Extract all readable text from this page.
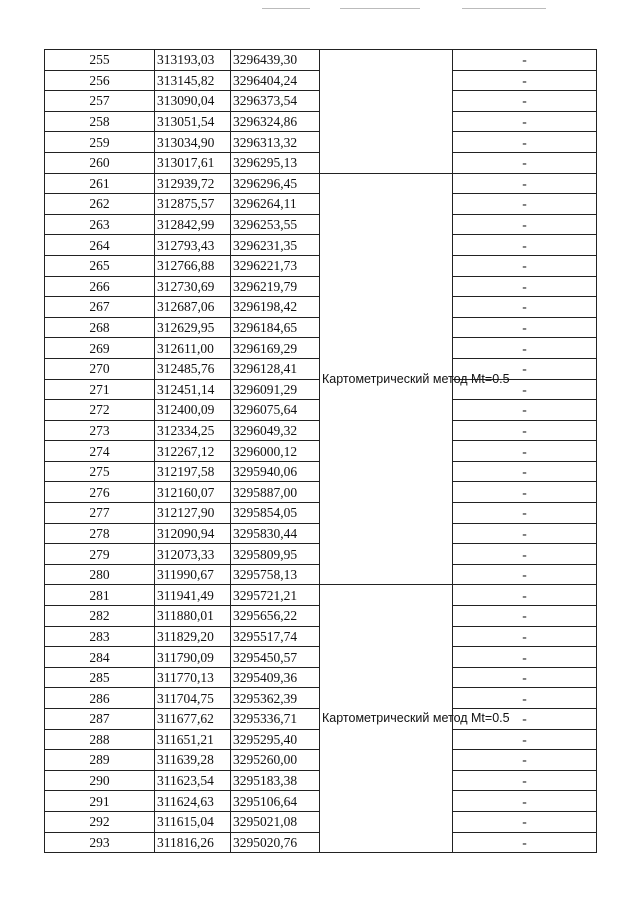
255	313193,03	3296439,30		-
256	313145,82	3296404,24		-
257	313090,04	3296373,54		-
258	313051,54	3296324,86		-
259	313034,90	3296313,32		-
260	313017,61	3296295,13		-
261	312939,72	3296296,45	Картометрический метод Mt=0.5	-
262	312875,57	3296264,11		-
263	312842,99	3296253,55		-
264	312793,43	3296231,35		-
265	312766,88	3296221,73		-
266	312730,69	3296219,79		-
267	312687,06	3296198,42		-
268	312629,95	3296184,65		-
269	312611,00	3296169,29		-
270	312485,76	3296128,41		-
271	312451,14	3296091,29		-
272	312400,09	3296075,64		-
273	312334,25	3296049,32		-
274	312267,12	3296000,12		-
275	312197,58	3295940,06		-
276	312160,07	3295887,00		-
277	312127,90	3295854,05		-
278	312090,94	3295830,44		-
279	312073,33	3295809,95		-
280	311990,67	3295758,13		-
281	311941,49	3295721,21	Картометрический метод Mt=0.5	-
282	311880,01	3295656,22		-
283	311829,20	3295517,74		-
284	311790,09	3295450,57		-
285	311770,13	3295409,36		-
286	311704,75	3295362,39		-
287	311677,62	3295336,71		-
288	311651,21	3295295,40		-
289	311639,28	3295260,00		-
290	311623,54	3295183,38		-
291	311624,63	3295106,64		-
292	311615,04	3295021,08		-
293	311816,26	3295020,76		-
